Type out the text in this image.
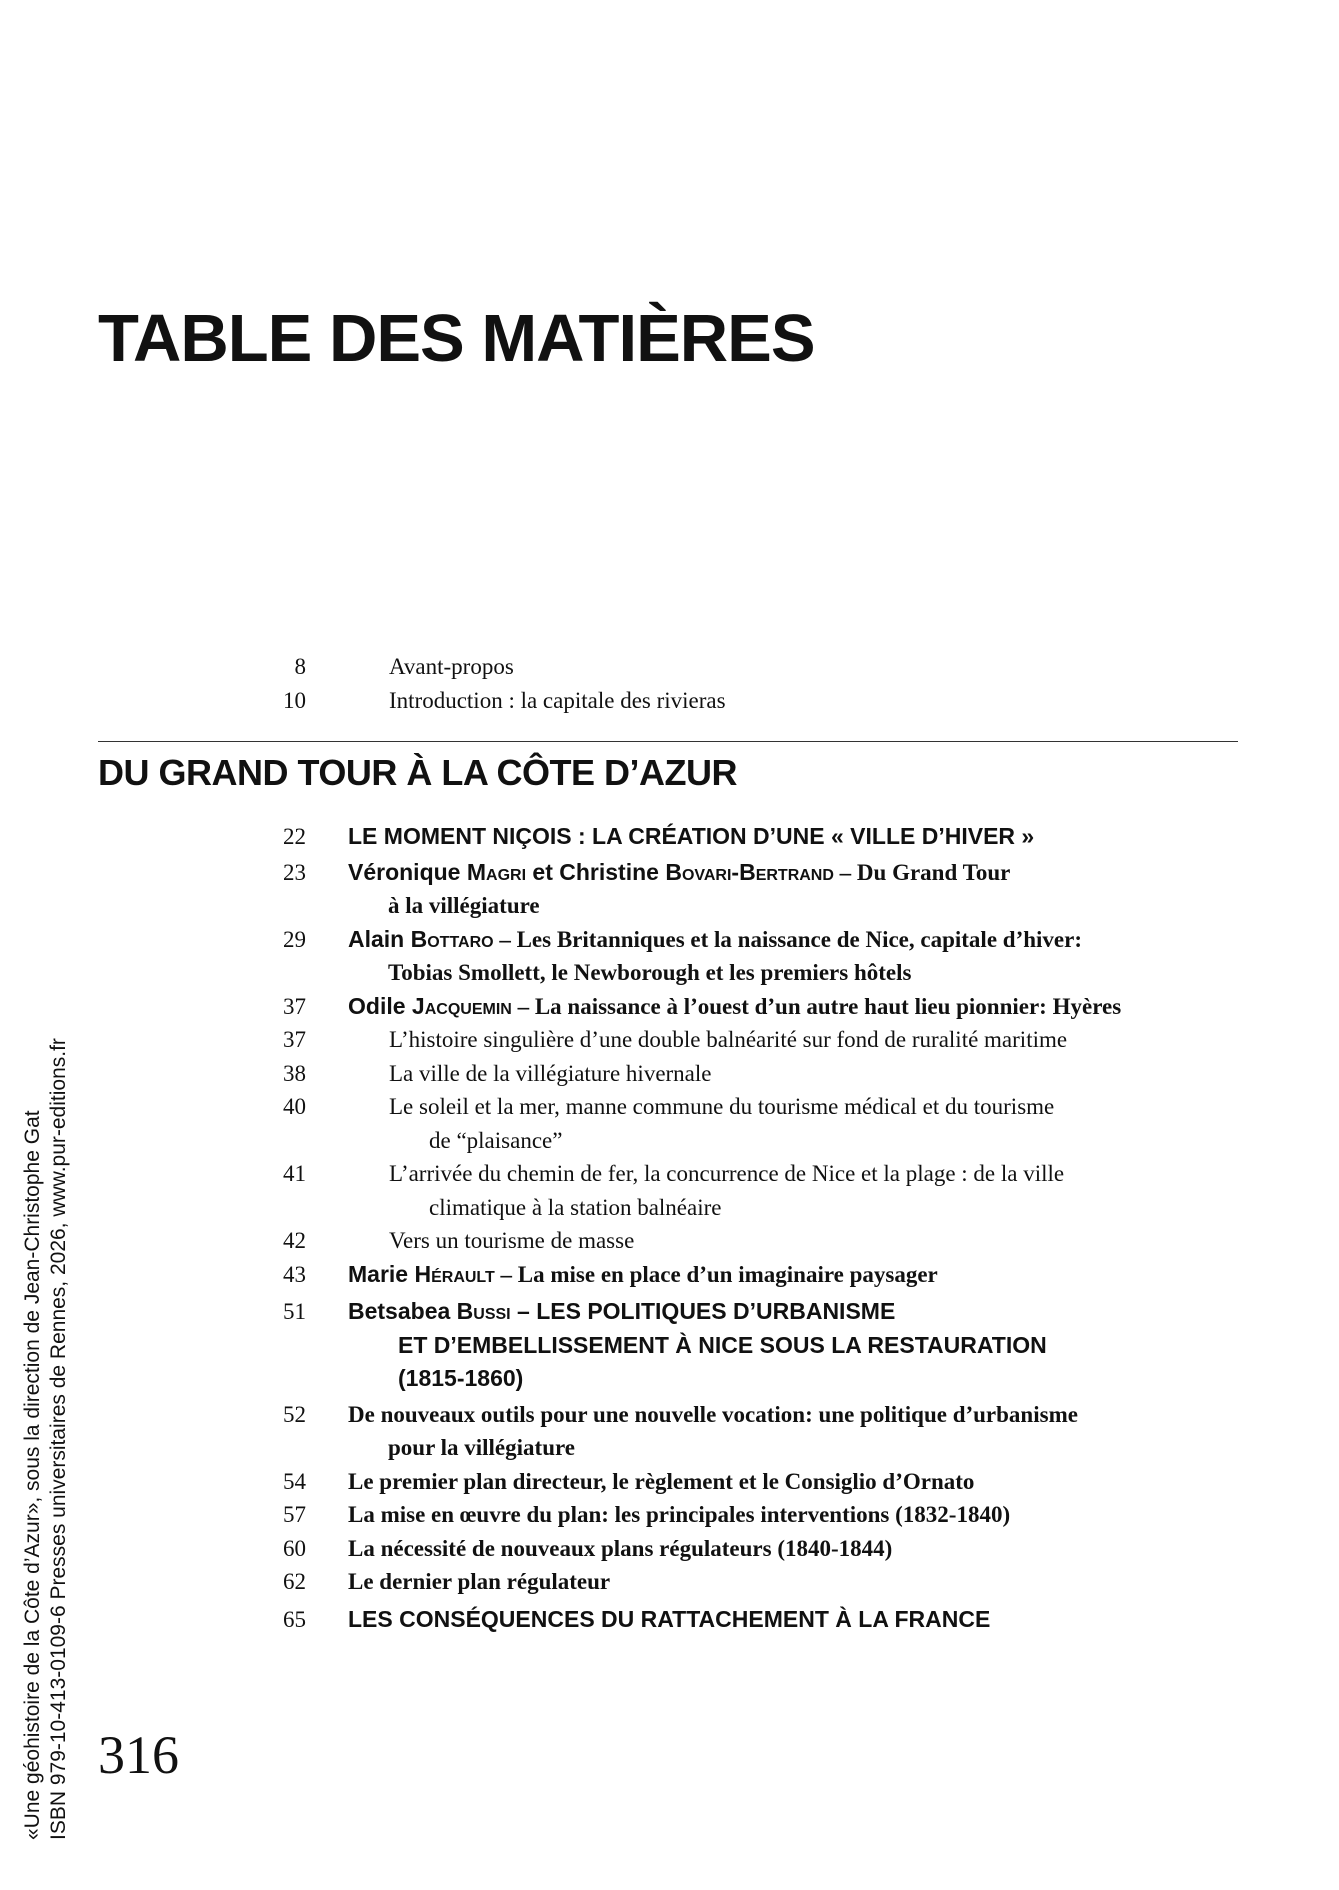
TABLE DES MATIÈRES
8	Avant-propos
10	Introduction : la capitale des rivieras
DU GRAND TOUR À LA CÔTE D’AZUR
22 LE MOMENT NIÇOIS : LA CRÉATION D’UNE « VILLE D’HIVER »
23 Véronique Magri et Christine Bovari-Bertrand – Du Grand Tour
à la villégiature
29 Alain Bottaro – Les Britanniques et la naissance de Nice, capitale d’hiver:
Tobias Smollett, le Newborough et les premiers hôtels
37 Odile Jacquemin – La naissance à l’ouest d’un autre haut lieu pionnier: Hyères
37	L’histoire singulière d’une double balnéarité sur fond de ruralité maritime
38	La ville de la villégiature hivernale
40	Le soleil et la mer, manne commune du tourisme médical et du tourisme
de “plaisance”
41	L’arrivée du chemin de fer, la concurrence de Nice et la plage : de la ville
climatique à la station balnéaire
42	Vers un tourisme de masse
43 Marie Hérault – La mise en place d’un imaginaire paysager
51 Betsabea Bussi – LES POLITIQUES D’URBANISME
ET D’EMBELLISSEMENT À NICE SOUS LA RESTAURATION
(1815-1860)
52 De nouveaux outils pour une nouvelle vocation: une politique d’urbanisme
pour la villégiature
54 Le premier plan directeur, le règlement et le Consiglio d’Ornato
57 La mise en œuvre du plan: les principales interventions (1832-1840)
60 La nécessité de nouveaux plans régulateurs (1840-1844)
62 Le dernier plan régulateur
65 LES CONSÉQUENCES DU RATTACHEMENT À LA FRANCE
316
«Une géohistoire de la Côte d’Azur», sous la direction de Jean-Christophe Gat ISBN 979-10-413-0109-6 Presses universitaires de Rennes, 2026, www.pur-editions.fr
